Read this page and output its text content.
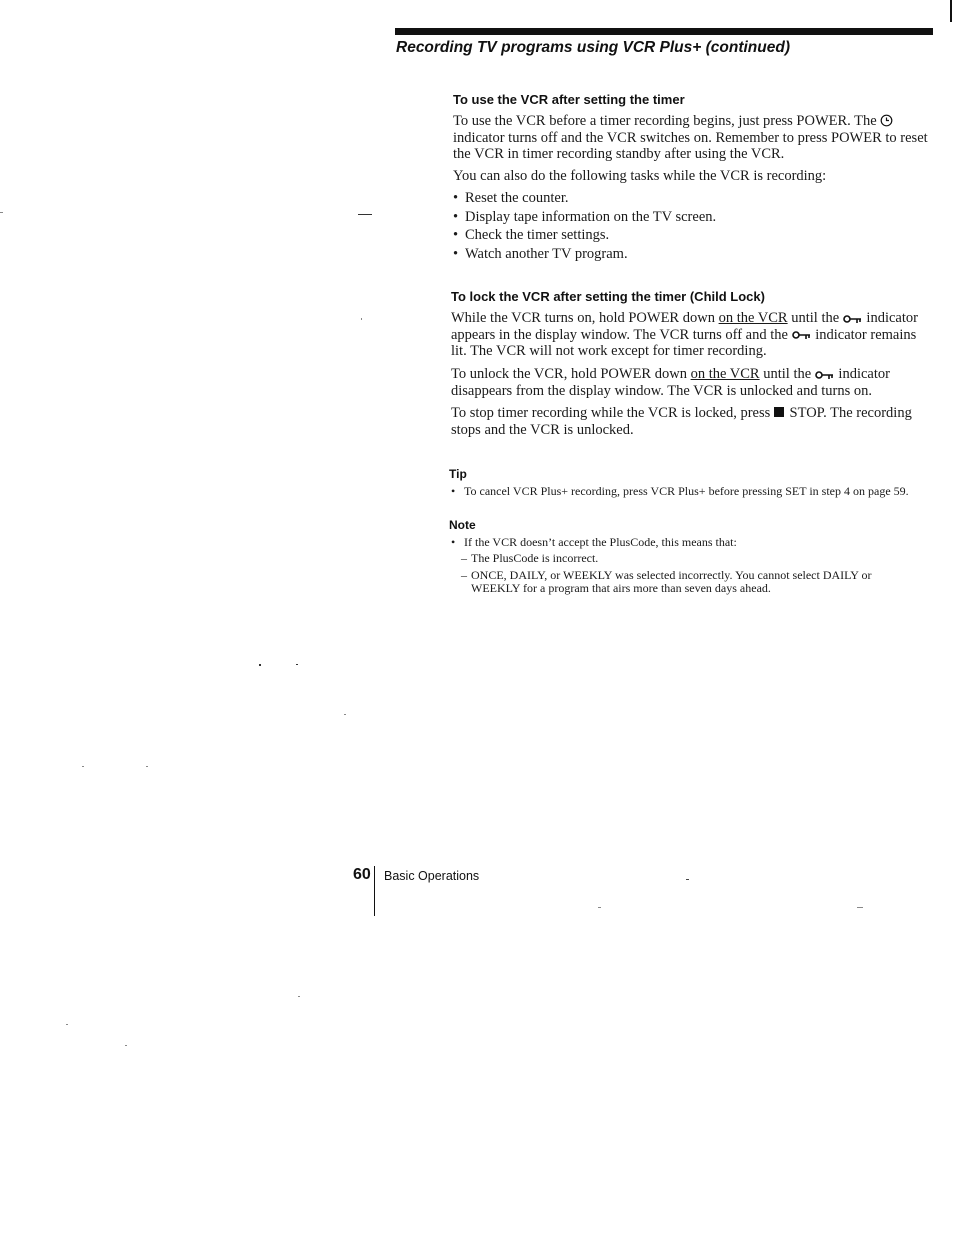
Recording TV programs using VCR Plus+ (continued)
To use the VCR after setting the timer

To use the VCR before a timer recording begins, just press POWER. The  indicator turns off and the VCR switches on. Remember to press POWER to reset the VCR in timer recording standby after using the VCR.

You can also do the following tasks while the VCR is recording:

• Reset the counter.
• Display tape information on the TV screen.
• Check the timer settings.
• Watch another TV program.
To lock the VCR after setting the timer (Child Lock)

While the VCR turns on, hold POWER down on the VCR until the indicator appears in the display window. The VCR turns off and the indicator remains lit. The VCR will not work except for timer recording.

To unlock the VCR, hold POWER down on the VCR until the indicator disappears from the display window. The VCR is unlocked and turns on.

To stop timer recording while the VCR is locked, press STOP. The recording stops and the VCR is unlocked.

Tip
• To cancel VCR Plus+ recording, press VCR Plus+ before pressing SET in step 4 on page 59.
Note
• If the VCR doesn’t accept the PlusCode, this means that:
– The PlusCode is incorrect.
– ONCE, DAILY, or WEEKLY was selected incorrectly. You cannot select DAILY or WEEKLY for a program that airs more than seven days ahead.
60 Basic Operations
